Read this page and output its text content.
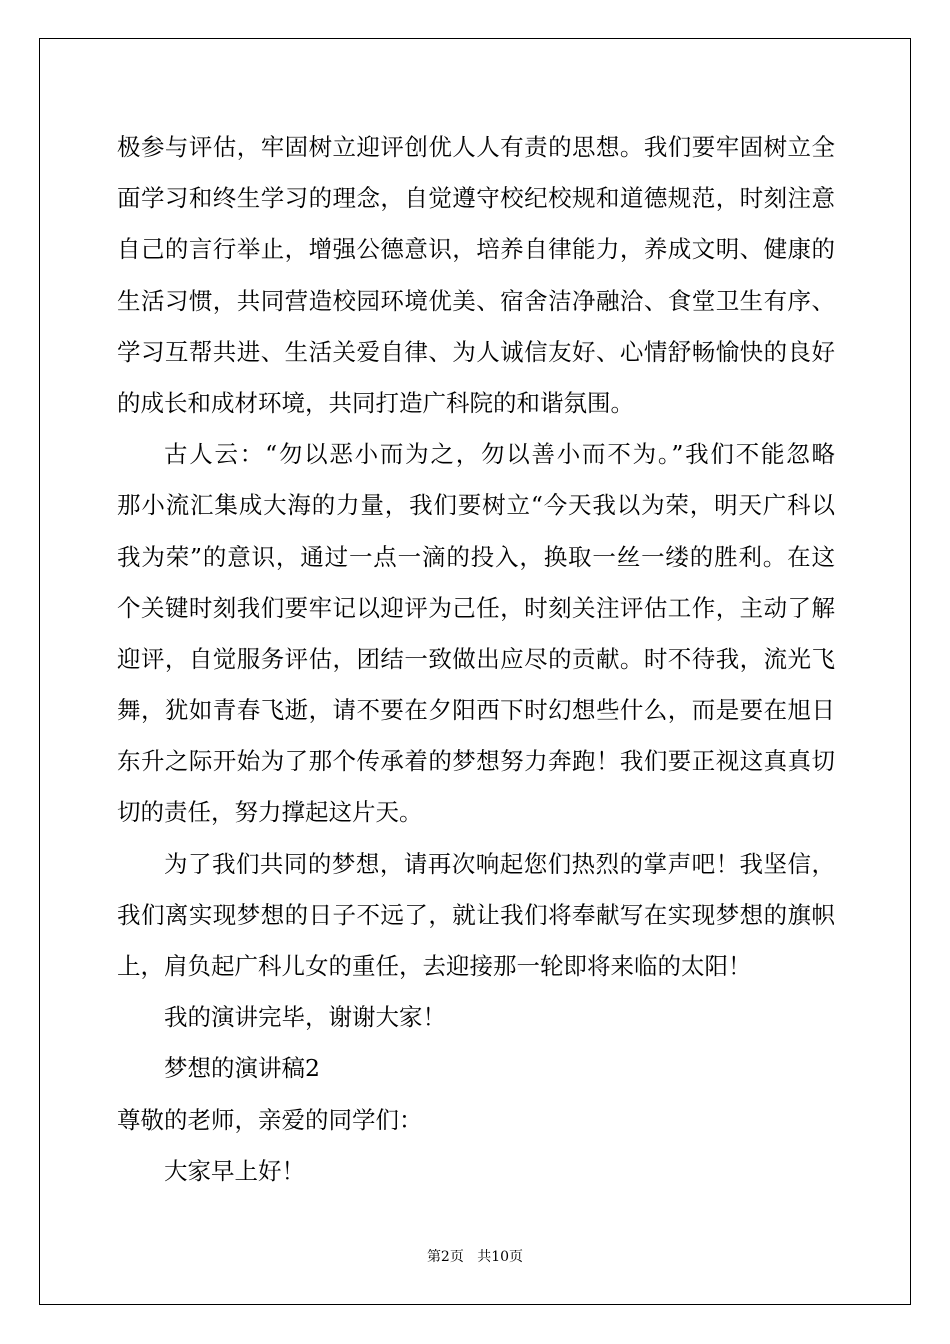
极参与评估，牢固树立迎评创优人人有责的思想。我们要牢固树立全
面学习和终生学习的理念，自觉遵守校纪校规和道德规范，时刻注意
自己的言行举止，增强公德意识，培养自律能力，养成文明、健康的
生活习惯，共同营造校园环境优美、宿舍洁净融洽、食堂卫生有序、
学习互帮共进、生活关爱自律、为人诚信友好、心情舒畅愉快的良好
的成长和成材环境，共同打造广科院的和谐氛围。
古人云：“勿以恶小而为之，勿以善小而不为。”我们不能忽略
那小流汇集成大海的力量，我们要树立“今天我以为荣，明天广科以
我为荣”的意识，通过一点一滴的投入，换取一丝一缕的胜利。在这
个关键时刻我们要牢记以迎评为己任，时刻关注评估工作，主动了解
迎评，自觉服务评估，团结一致做出应尽的贡献。时不待我，流光飞
舞，犹如青春飞逝，请不要在夕阳西下时幻想些什么，而是要在旭日
东升之际开始为了那个传承着的梦想努力奔跑！我们要正视这真真切
切的责任，努力撑起这片天。
为了我们共同的梦想，请再次响起您们热烈的掌声吧！我坚信，
我们离实现梦想的日子不远了，就让我们将奉献写在实现梦想的旗帜
上，肩负起广科儿女的重任，去迎接那一轮即将来临的太阳！
我的演讲完毕，谢谢大家！
梦想的演讲稿2
尊敬的老师，亲爱的同学们：
大家早上好！
第2页 共10页
